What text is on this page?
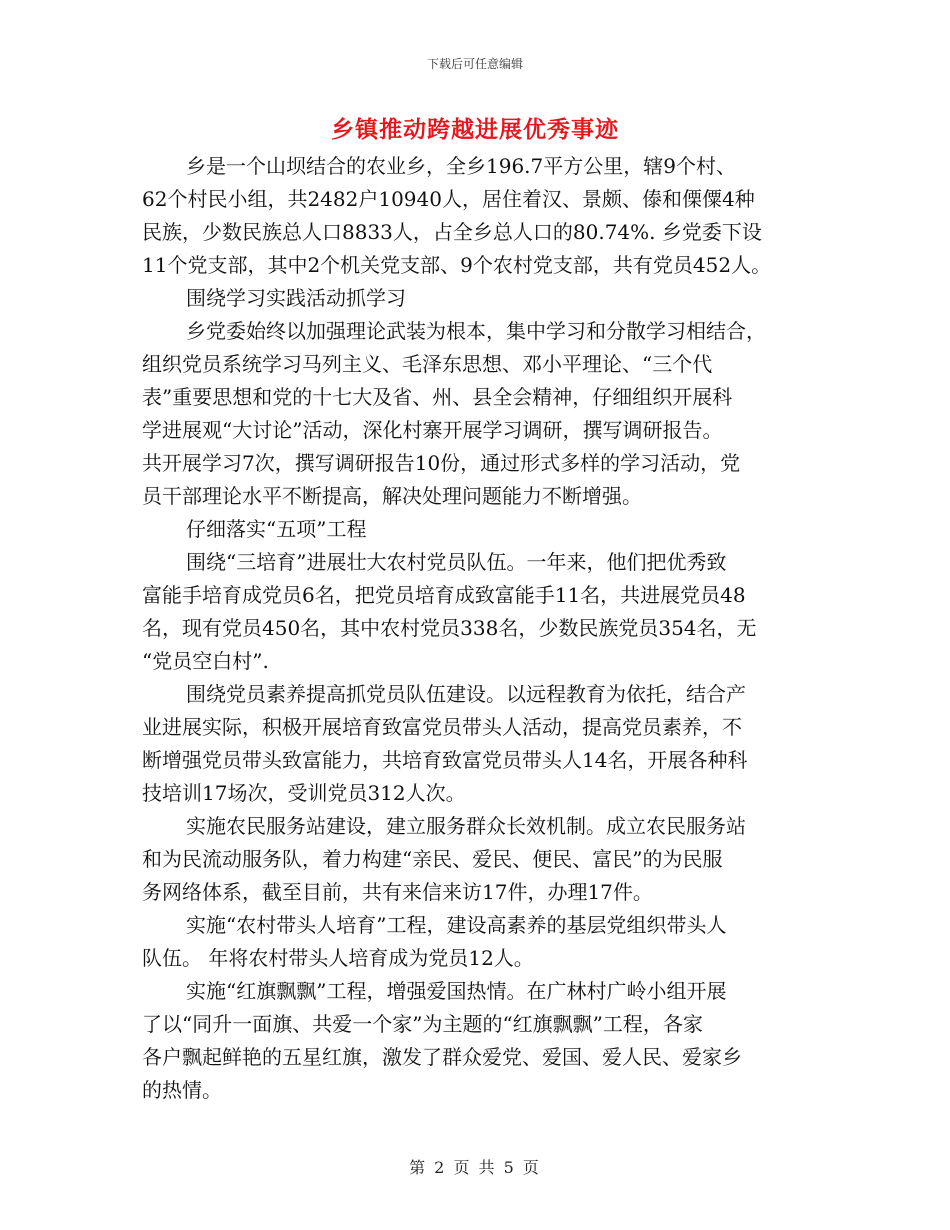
下载后可任意编辑
乡镇推动跨越进展优秀事迹
乡是一个山坝结合的农业乡，全乡196.7平方公里，辖9个村、
62个村民小组，共2482户10940人，居住着汉、景颇、傣和傈僳4种
民族，少数民族总人口8833人，占全乡总人口的80.74%. 乡党委下设
11个党支部，其中2个机关党支部、9个农村党支部，共有党员452人。
围绕学习实践活动抓学习
乡党委始终以加强理论武装为根本，集中学习和分散学习相结合，
组织党员系统学习马列主义、毛泽东思想、邓小平理论、“三个代
表”重要思想和党的十七大及省、州、县全会精神，仔细组织开展科
学进展观“大讨论”活动，深化村寨开展学习调研，撰写调研报告。
共开展学习7次，撰写调研报告10份，通过形式多样的学习活动，党
员干部理论水平不断提高，解决处理问题能力不断增强。
仔细落实“五项”工程
围绕“三培育”进展壮大农村党员队伍。一年来，他们把优秀致
富能手培育成党员6名，把党员培育成致富能手11名，共进展党员48
名，现有党员450名，其中农村党员338名，少数民族党员354名，无
“党员空白村”.
围绕党员素养提高抓党员队伍建设。以远程教育为依托，结合产
业进展实际，积极开展培育致富党员带头人活动，提高党员素养，不
断增强党员带头致富能力，共培育致富党员带头人14名，开展各种科
技培训17场次，受训党员312人次。
实施农民服务站建设，建立服务群众长效机制。成立农民服务站
和为民流动服务队，着力构建“亲民、爱民、便民、富民”的为民服
务网络体系，截至目前，共有来信来访17件，办理17件。
实施“农村带头人培育”工程，建设高素养的基层党组织带头人
队伍。 年将农村带头人培育成为党员12人。
实施“红旗飘飘”工程，增强爱国热情。在广林村广岭小组开展
了以“同升一面旗、共爱一个家”为主题的“红旗飘飘”工程，各家
各户飘起鲜艳的五星红旗，激发了群众爱党、爱国、爱人民、爱家乡
的热情。
第 2 页 共 5 页
